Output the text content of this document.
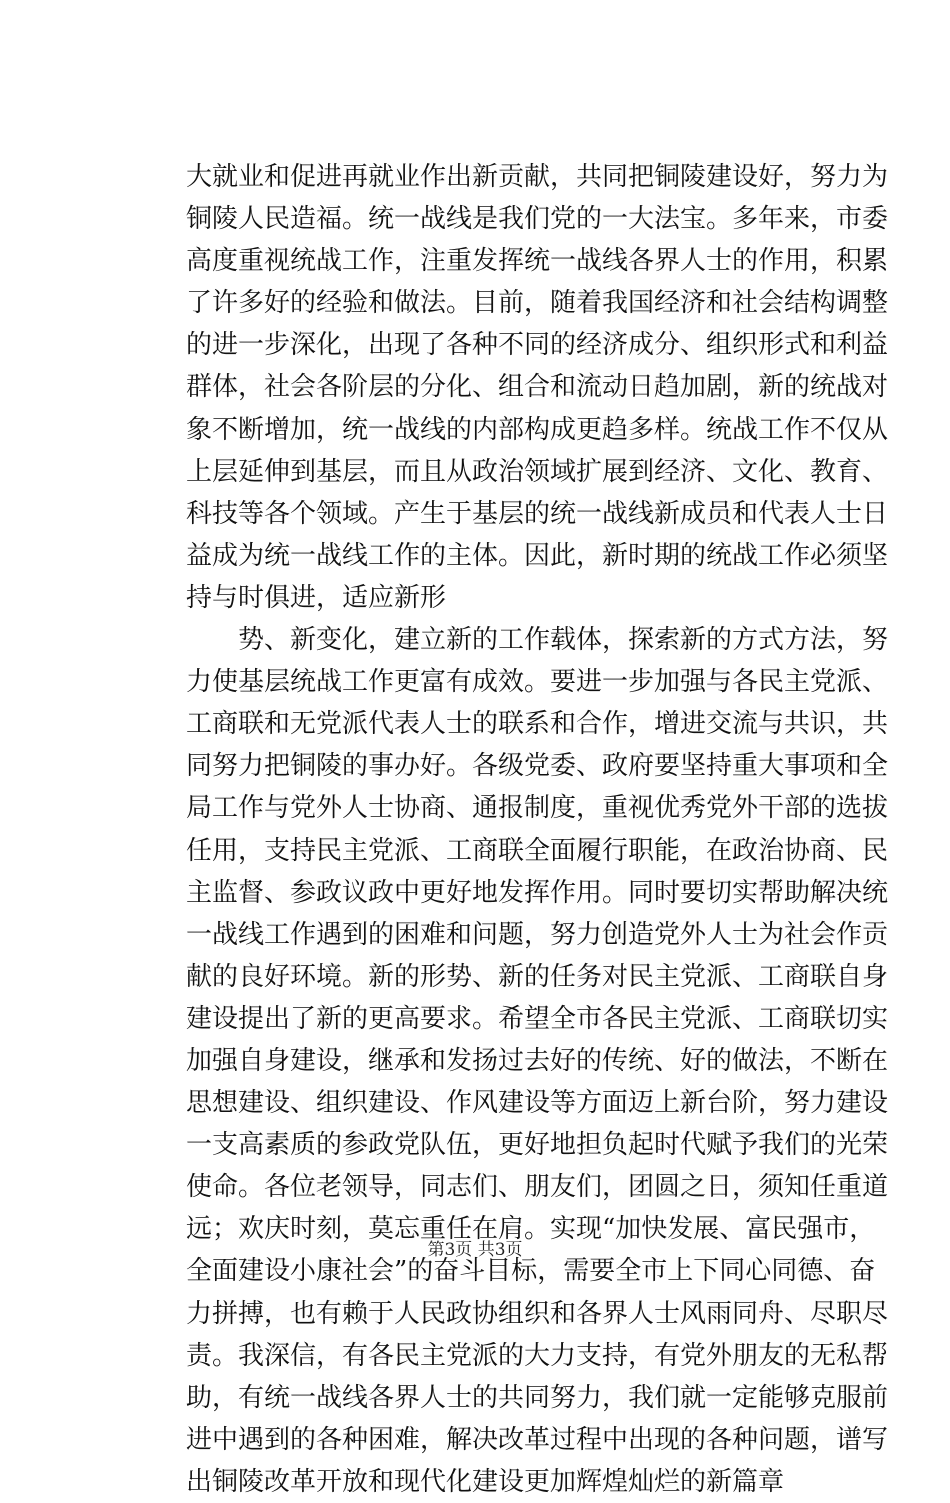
大就业和促进再就业作出新贡献，共同把铜陵建设好，努力为
铜陵人民造福。统一战线是我们党的一大法宝。多年来，市委
高度重视统战工作，注重发挥统一战线各界人士的作用，积累
了许多好的经验和做法。目前，随着我国经济和社会结构调整
的进一步深化，出现了各种不同的经济成分、组织形式和利益
群体，社会各阶层的分化、组合和流动日趋加剧，新的统战对
象不断增加，统一战线的内部构成更趋多样。统战工作不仅从
上层延伸到基层，而且从政治领域扩展到经济、文化、教育、
科技等各个领域。产生于基层的统一战线新成员和代表人士日
益成为统一战线工作的主体。因此，新时期的统战工作必须坚
持与时俱进，适应新形
　　势、新变化，建立新的工作载体，探索新的方式方法，努
力使基层统战工作更富有成效。要进一步加强与各民主党派、
工商联和无党派代表人士的联系和合作，增进交流与共识，共
同努力把铜陵的事办好。各级党委、政府要坚持重大事项和全
局工作与党外人士协商、通报制度，重视优秀党外干部的选拔
任用，支持民主党派、工商联全面履行职能，在政治协商、民
主监督、参政议政中更好地发挥作用。同时要切实帮助解决统
一战线工作遇到的困难和问题，努力创造党外人士为社会作贡
献的良好环境。新的形势、新的任务对民主党派、工商联自身
建设提出了新的更高要求。希望全市各民主党派、工商联切实
加强自身建设，继承和发扬过去好的传统、好的做法，不断在
思想建设、组织建设、作风建设等方面迈上新台阶，努力建设
一支高素质的参政党队伍，更好地担负起时代赋予我们的光荣
使命。各位老领导，同志们、朋友们，团圆之日，须知任重道
远；欢庆时刻，莫忘重任在肩。实现“加快发展、富民强市，
全面建设小康社会”的奋斗目标，需要全市上下同心同德、奋
力拼搏，也有赖于人民政协组织和各界人士风雨同舟、尽职尽
责。我深信，有各民主党派的大力支持，有党外朋友的无私帮
助，有统一战线各界人士的共同努力，我们就一定能够克服前
进中遇到的各种困难，解决改革过程中出现的各种问题，谱写
出铜陵改革开放和现代化建设更加辉煌灿烂的新篇章
第3页 共3页
